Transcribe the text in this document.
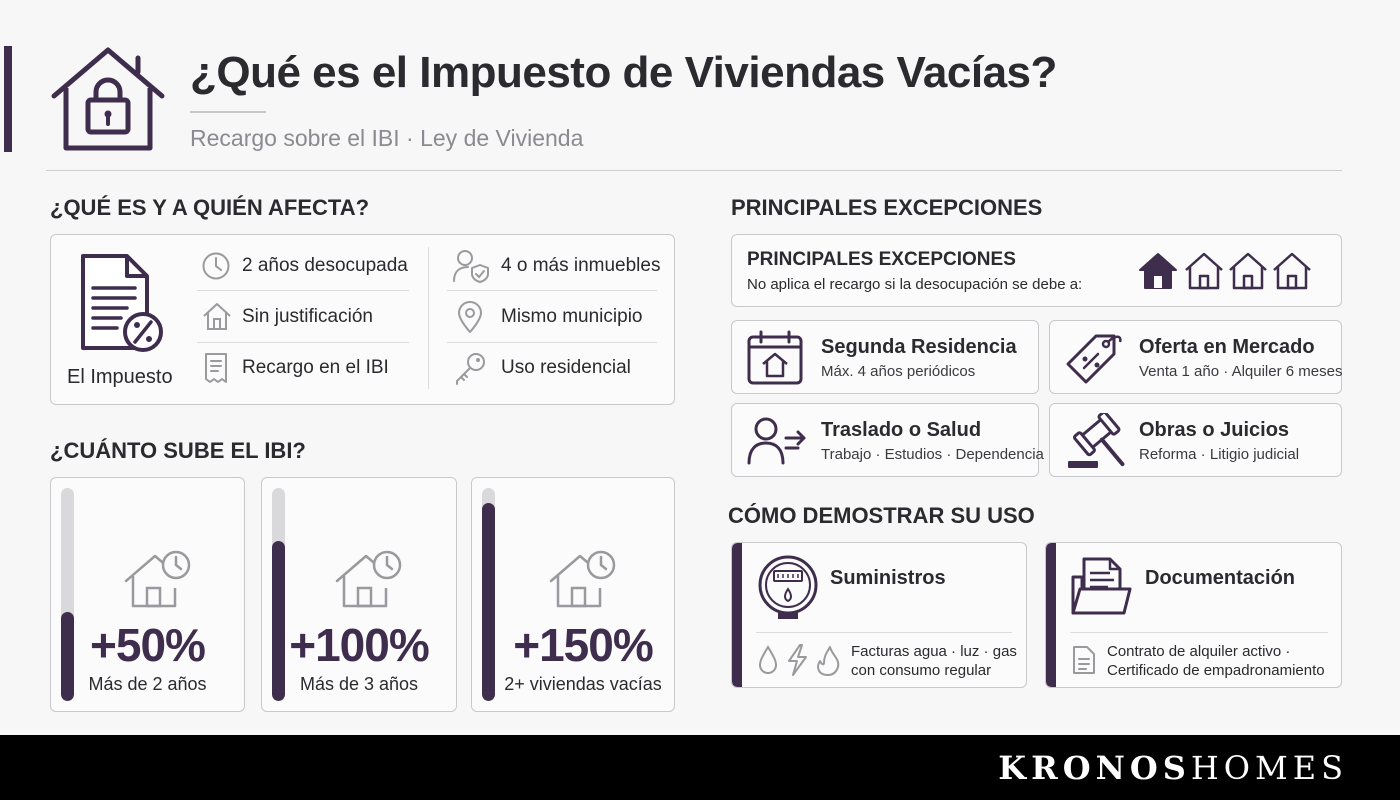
¿Qué es el Impuesto de Viviendas Vacías?
Recargo sobre el IBI · Ley de Vivienda
¿QUÉ ES Y A QUIÉN AFECTA?
El Impuesto
2 años desocupada
Sin justificación
Recargo en el IBI
4 o más inmuebles
Mismo municipio
Uso residencial
¿CUÁNTO SUBE EL IBI?
+50%
Más de 2 años
+100%
Más de 3 años
+150%
2+ viviendas vacías
PRINCIPALES EXCEPCIONES
PRINCIPALES EXCEPCIONES
No aplica el recargo si la desocupación se debe a:
Segunda Residencia
Máx. 4 años periódicos
Oferta en Mercado
Venta 1 año · Alquiler 6 meses
Traslado o Salud
Trabajo · Estudios · Dependencia
Obras o Juicios
Reforma · Litigio judicial
CÓMO DEMOSTRAR SU USO
Suministros
Facturas agua · luz · gas
con consumo regular
Documentación
Contrato de alquiler activo ·
Certificado de empadronamiento
KRONOSHOMES
